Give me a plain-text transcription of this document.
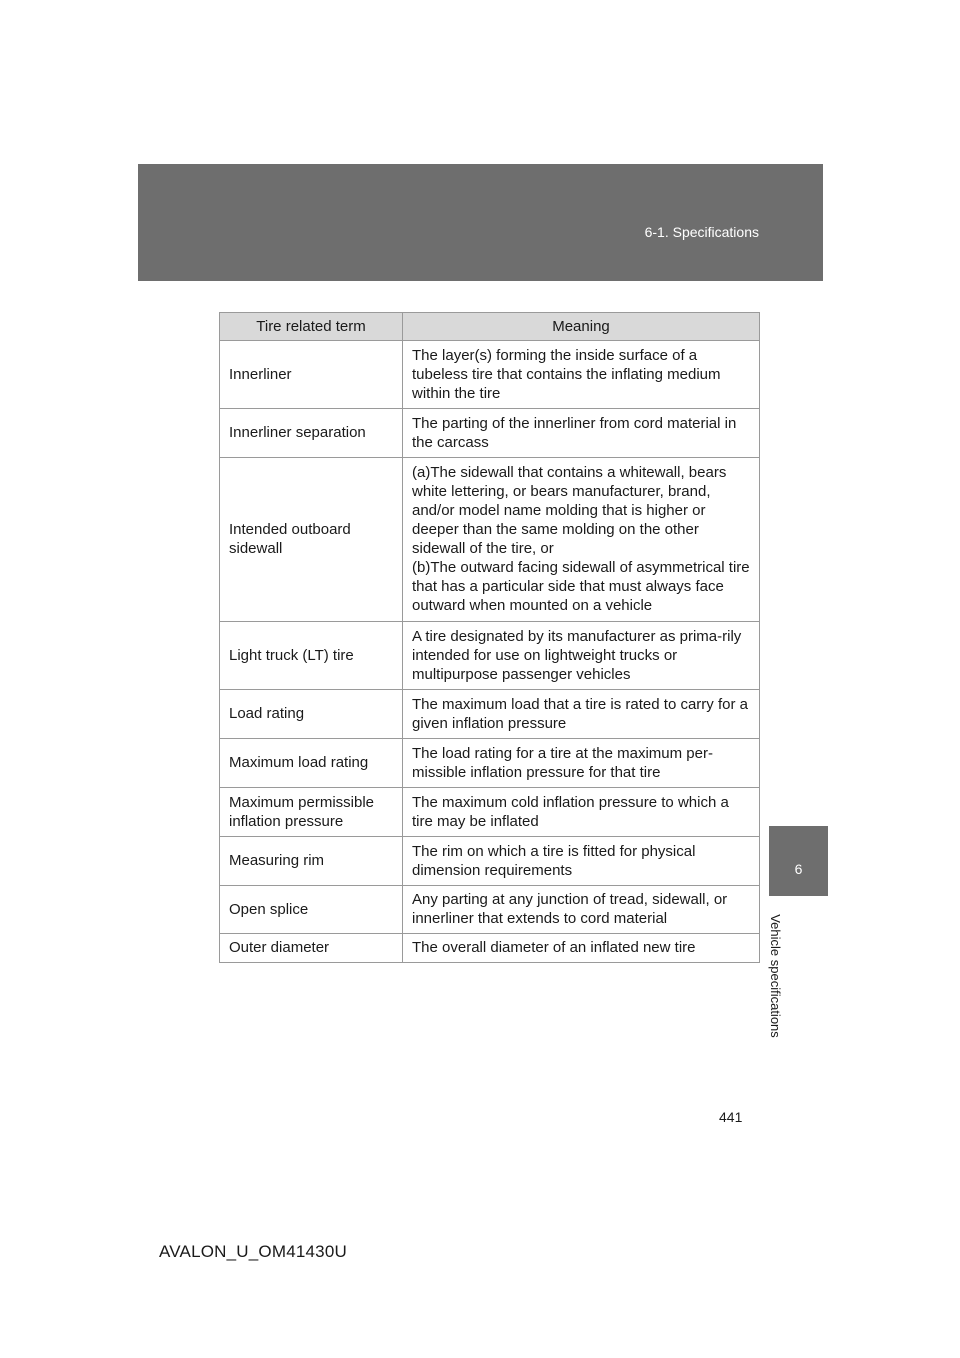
6-1. Specifications
6
Vehicle specifications
Tire related term	Meaning
Innerliner	The layer(s) forming the inside surface of a tubeless tire that contains the inflating medium within the tire
Innerliner separation	The parting of the innerliner from cord material in the carcass
Intended outboard sidewall	(a)The sidewall that contains a whitewall, bears white lettering, or bears manufacturer, brand, and/or model name molding that is higher or deeper than the same molding on the other sidewall of the tire, or
(b)The outward facing sidewall of asymmetrical tire that has a particular side that must always face outward when mounted on a vehicle
Light truck (LT) tire	A tire designated by its manufacturer as prima-rily intended for use on lightweight trucks or multipurpose passenger vehicles
Load rating	The maximum load that a tire is rated to carry for a given inflation pressure
Maximum load rating	The load rating for a tire at the maximum per-missible inflation pressure for that tire
Maximum permissible inflation pressure	The maximum cold inflation pressure to which a tire may be inflated
Measuring rim	The rim on which a tire is fitted for physical dimension requirements
Open splice	Any parting at any junction of tread, sidewall, or innerliner that extends to cord material
Outer diameter	The overall diameter of an inflated new tire
441
AVALON_U_OM41430U
